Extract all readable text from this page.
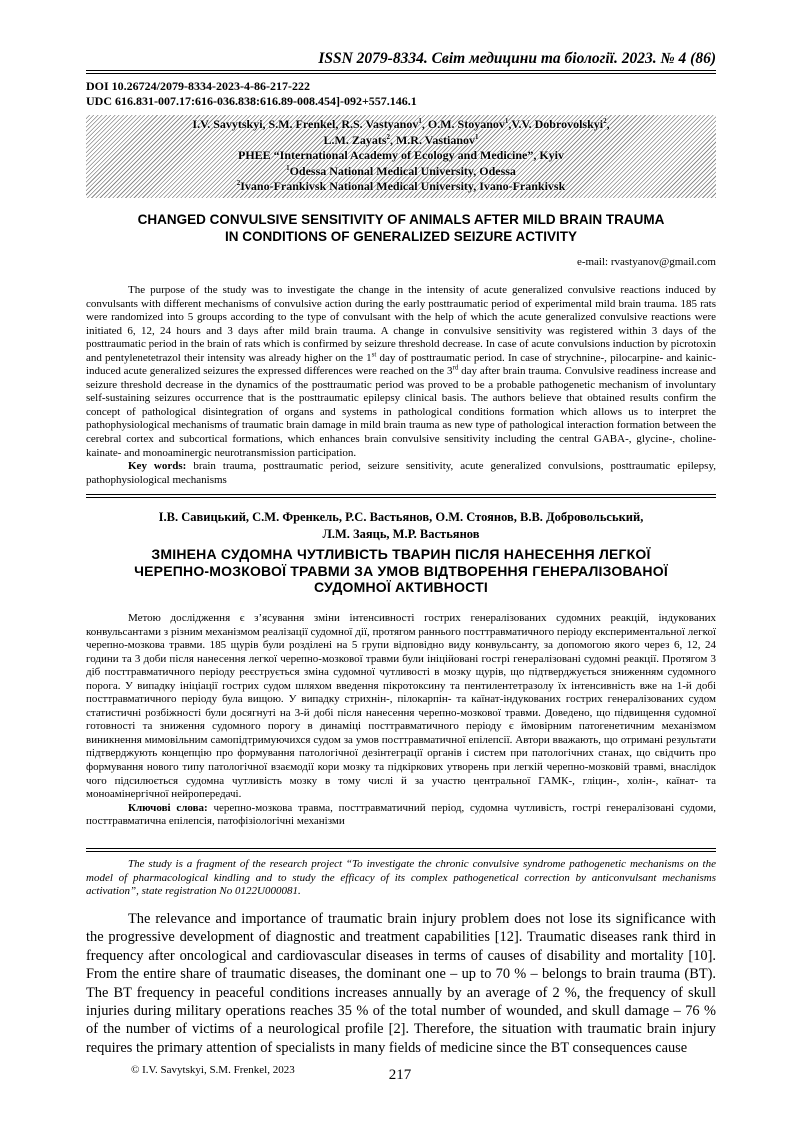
ISSN 2079-8334. Світ медицини та біології. 2023. № 4 (86)
DOI 10.26724/2079-8334-2023-4-86-217-222
UDC 616.831-007.17:616-036.838:616.89-008.454]-092+557.146.1
I.V. Savytskyi, S.M. Frenkel, R.S. Vastyanov$^1$, O.M. Stoyanov$^1$,V.V. Dobrovolskyi$^2$,
L.M. Zayats$^2$, M.R. Vastianov$^1$
PHEE “International Academy of Ecology and Medicine”, Kyiv
$^1$Odessa National Medical University, Odessa
$^2$Ivano-Frankivsk National Medical University, Ivano-Frankivsk
CHANGED CONVULSIVE SENSITIVITY OF ANIMALS AFTER MILD BRAIN TRAUMA
IN CONDITIONS OF GENERALIZED SEIZURE ACTIVITY
e-mail: rvastyanov@gmail.com

The purpose of the study was to investigate the change in the intensity of acute generalized convulsive reactions induced by convulsants with different mechanisms of convulsive action during the early posttraumatic period of experimental mild brain trauma. 185 rats were randomized into 5 groups according to the type of convulsant with the help of which the acute generalized convulsive reactions were initiated 6, 12, 24 hours and 3 days after mild brain trauma. A change in convulsive sensitivity was registered within 3 days of the posttraumatic period in the brain of rats which is confirmed by seizure threshold decrease. In case of acute convulsions induction by picrotoxin and pentylenetetrazol their intensity was already higher on the 1st day of posttraumatic period. In case of strychnine-, pilocarpine- and kainic-induced acute generalized seizures the expressed differences were reached on the 3rd day after brain trauma. Convulsive readiness increase and seizure threshold decrease in the dynamics of the posttraumatic period was proved to be a probable pathogenetic mechanism of involuntary self-sustaining seizures occurrence that is the posttraumatic epilepsy clinical basis. The authors believe that obtained results confirm the concept of pathological disintegration of organs and systems in pathological conditions formation which allows us to interpret the pathophysiological mechanisms of traumatic brain damage in mild brain trauma as new type of pathological interaction formation between the cerebral cortex and subcortical formations, which enhances brain convulsive sensitivity including the central GABA-, glycine-, choline-kainate- and monoaminergic neurotransmission participation.

Key words: brain trauma, posttraumatic period, seizure sensitivity, acute generalized convulsions, posttraumatic epilepsy, pathophysiological mechanisms

І.В. Савицький, С.М. Френкель, Р.С. Вастьянов, О.М. Стоянов, В.В. Добровольський,
Л.М. Заяць, М.Р. Вастьянов
ЗМІНЕНА СУДОМНА ЧУТЛИВІСТЬ ТВАРИН ПІСЛЯ НАНЕСЕННЯ ЛЕГКОЇ
ЧЕРЕПНО-МОЗКОВОЇ ТРАВМИ ЗА УМОВ ВІДТВОРЕННЯ ГЕНЕРАЛІЗОВАНОЇ
СУДОМНОЇ АКТИВНОСТІ

Метою дослідження є з’ясування зміни інтенсивності гострих генералізованих судомних реакцій, індукованих конвульсантами з різним механізмом реалізації судомної дії, протягом раннього посттравматичного періоду експериментальної легкої черепно-мозкова травми. 185 щурів були розділені на 5 групи відповідно виду конвульсанту, за допомогою якого через 6, 12, 24 години та 3 доби після нанесення легкої черепно-мозкової травми були ініційовані гострі генералізовані судомні реакції. Протягом 3 діб посттравматичного періоду реєструється зміна судомної чутливості в мозку щурів, що підтверджується зниженням судомного порога. У випадку ініціації гострих судом шляхом введення пікротоксину та пентилентетразолу їх інтенсивність вже на 1-й добі посттравматичного періоду була вищою. У випадку стрихнін-, пілокарпін- та каїнат-індукованих гострих генералізованих судом статистичні розбіжності були досягнуті на 3-й добі після нанесення черепно-мозкової травми. Доведено, що підвищення судомної готовності та зниження судомного порогу в динаміці посттравматичного періоду є ймовірним патогенетичним механізмом виникнення мимовільним самопідтримуючихся судом за умов посттравматичної епілепсії. Автори вважають, що отримані результати підтверджують концепцію про формування патологічної дезінтеграції органів і систем при патологічних станах, що свідчить про формування нового типу патологічної взаємодії кори мозку та підкіркових утворень при легкій черепно-мозковій травмі, внаслідок чого підсилюється судомна чутливість мозку в тому числі й за участю центральної ГАМК-, гліцин-, холін-, каїнат- та моноамінергічної нейропередачі.

Ключові слова: черепно-мозкова травма, посттравматичний період, судомна чутливість, гострі генералізовані судоми, посттравматична епілепсія, патофізіологічні механізми

The study is a fragment of the research project “To investigate the chronic convulsive syndrome pathogenetic mechanisms on the model of pharmacological kindling and to study the efficacy of its complex pathogenetical correction by anticonvulsant mechanisms activation”, state registration No 0122U000081.

The relevance and importance of traumatic brain injury problem does not lose its significance with the progressive development of diagnostic and treatment capabilities [12]. Traumatic diseases rank third in frequency after oncological and cardiovascular diseases in terms of causes of disability and mortality [10]. From the entire share of traumatic diseases, the dominant one – up to 70 % – belongs to brain trauma (BT). The BT frequency in peaceful conditions increases annually by an average of 2 %, the frequency of skull injuries during military operations reaches 35 % of the total number of wounded, and skull damage – 76 % of the number of victims of a neurological profile [2]. Therefore, the situation with traumatic brain injury requires the primary attention of specialists in many fields of medicine since the BT consequences cause

© I.V. Savytskyi, S.M. Frenkel, 2023	217
